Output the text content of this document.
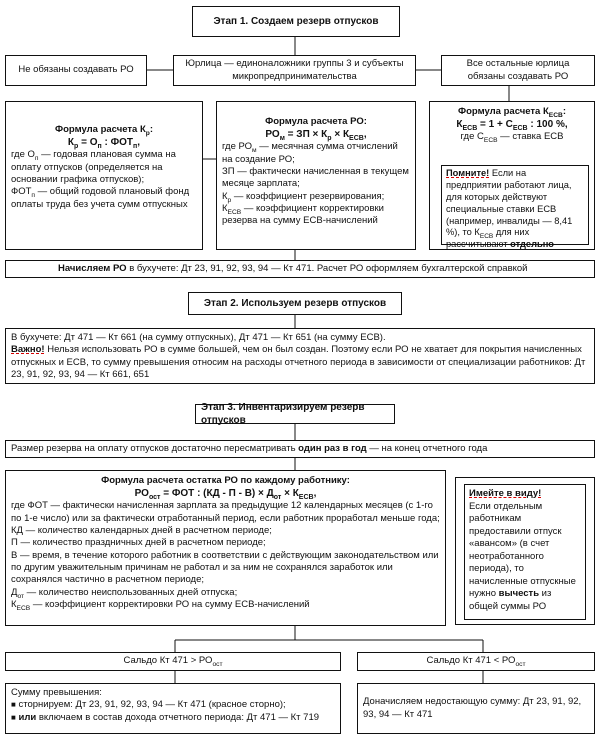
Этап 1. Создаем резерв отпусков
Не обязаны создавать РО
Юрлица — единоналожники группы 3 и субъекты микропредпринимательства
Все остальные юрлица обязаны создавать РО
Формула расчета $К_р$:
$К_р = О_п$ : $ФОТ_п$,
где $О_п$ — годовая плановая сумма на оплату отпусков (определяется на основании графика отпусков);
$ФОТ_п$ — общий годовой плановый фонд оплаты труда без учета сумм отпускных
Формула расчета РО:
$РО_м$ = ЗП × $К_р \times К_{ЕСВ}$,
где $РО_м$ — месячная сумма отчислений на создание РО;
ЗП — фактически начисленная в текущем месяце зарплата;
$К_р$ — коэффициент резервирования;
$К_{ЕСВ}$ — коэффициент корректировки резерва на сумму ЕСВ-начислений
Формула расчета $К_{ЕСВ}$:
$К_{ЕСВ} = 1 + С_{ЕСВ}$ : 100 %,
где $С_{ЕСВ}$ — ставка ЕСВ
Помните! Если на предприятии работают лица, для которых действуют специальные ставки ЕСВ (например, инвалиды — 8,41 %), то $К_{ЕСВ}$ для них рассчитывают отдельно
Начисляем РО в бухучете: Дт 23, 91, 92, 93, 94 — Кт 471. Расчет РО оформляем бухгалтерской справкой
Этап 2. Используем резерв отпусков
В бухучете: Дт 471 — Кт 661 (на сумму отпускных), Дт 471 — Кт 651 (на сумму ЕСВ).
Важно! Нельзя использовать РО в сумме большей, чем он был создан. Поэтому если РО не хватает для покрытия начисленных отпускных и ЕСВ, то сумму превышения относим на расходы отчетного периода в зависимости от специализации работников: Дт 23, 91, 92, 93, 94 — Кт 661, 651
Этап 3. Инвентаризируем резерв отпусков
Размер резерва на оплату отпусков достаточно пересматривать один раз в год — на конец отчетного года
Формула расчета остатка РО по каждому работнику:
$РО_{ост}$ = ФОТ : $(КД - П - В) \times Д_{от} \times К_{ЕСВ}$,
где ФОТ — фактически начисленная зарплата за предыдущие 12 календарных месяцев (с 1-го по 1-е число) или за фактически отработанный период, если работник проработал меньше года;
КД — количество календарных дней в расчетном периоде;
П — количество праздничных дней в расчетном периоде;
В — время, в течение которого работник в соответствии с действующим законодательством или по другим уважительным причинам не работал и за ним не сохранялся заработок или сохранялся частично в расчетном периоде;
$Д_{от}$ — количество неиспользованных дней отпуска;
$К_{ЕСВ}$ — коэффициент корректировки РО на сумму ЕСВ-начислений
Имейте в виду!
Если отдельным работникам предоставили отпуск «авансом» (в счет неотработанного периода), то начисленные отпускные нужно вычесть из общей суммы РО
Сальдо Кт $471 > РО_{ост}$	Сальдо Кт $471 < РО_{ост}$
Сумму превышения:
■ сторнируем: Дт 23, 91, 92, 93, 94 — Кт 471 (красное сторно);
■ или включаем в состав дохода отчетного периода: Дт 471 — Кт 719
Доначисляем недостающую сумму: Дт 23, 91, 92, 93, 94 — Кт 471
